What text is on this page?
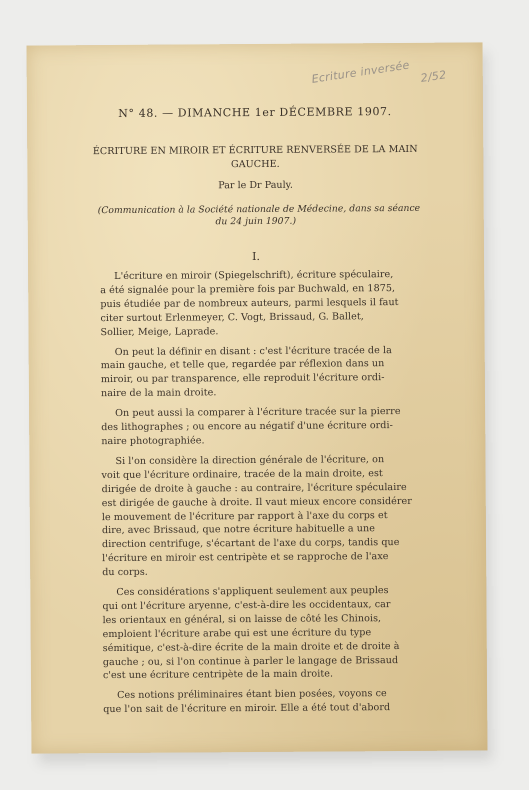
Ecriture inversée 2/52
N° 48. — DIMANCHE 1er DÉCEMBRE 1907.
ÉCRITURE EN MIROIR ET ÉCRITURE RENVERSÉE DE LA MAIN
GAUCHE.
Par le Dr Pauly.
(Communication à la Société nationale de Médecine, dans sa séance
du 24 juin 1907.)
I.

L'écriture en miroir (Spiegelschrift), écriture spéculaire,
a été signalée pour la première fois par Buchwald, en 1875,
puis étudiée par de nombreux auteurs, parmi lesquels il faut
citer surtout Erlenmeyer, C. Vogt, Brissaud, G. Ballet,
Sollier, Meige, Laprade.

On peut la définir en disant : c'est l'écriture tracée de la
main gauche, et telle que, regardée par réflexion dans un
miroir, ou par transparence, elle reproduit l'écriture ordi-
naire de la main droite.

On peut aussi la comparer à l'écriture tracée sur la pierre
des lithographes ; ou encore au négatif d'une écriture ordi-
naire photographiée.

Si l'on considère la direction générale de l'écriture, on
voit que l'écriture ordinaire, tracée de la main droite, est
dirigée de droite à gauche : au contraire, l'écriture spéculaire
est dirigée de gauche à droite. Il vaut mieux encore considérer
le mouvement de l'écriture par rapport à l'axe du corps et
dire, avec Brissaud, que notre écriture habituelle a une
direction centrifuge, s'écartant de l'axe du corps, tandis que
l'écriture en miroir est centripète et se rapproche de l'axe
du corps.

Ces considérations s'appliquent seulement aux peuples
qui ont l'écriture aryenne, c'est-à-dire les occidentaux, car
les orientaux en général, si on laisse de côté les Chinois,
emploient l'écriture arabe qui est une écriture du type
sémitique, c'est-à-dire écrite de la main droite et de droite à
gauche ; ou, si l'on continue à parler le langage de Brissaud
c'est une écriture centripète de la main droite.

Ces notions préliminaires étant bien posées, voyons ce
que l'on sait de l'écriture en miroir. Elle a été tout d'abord
